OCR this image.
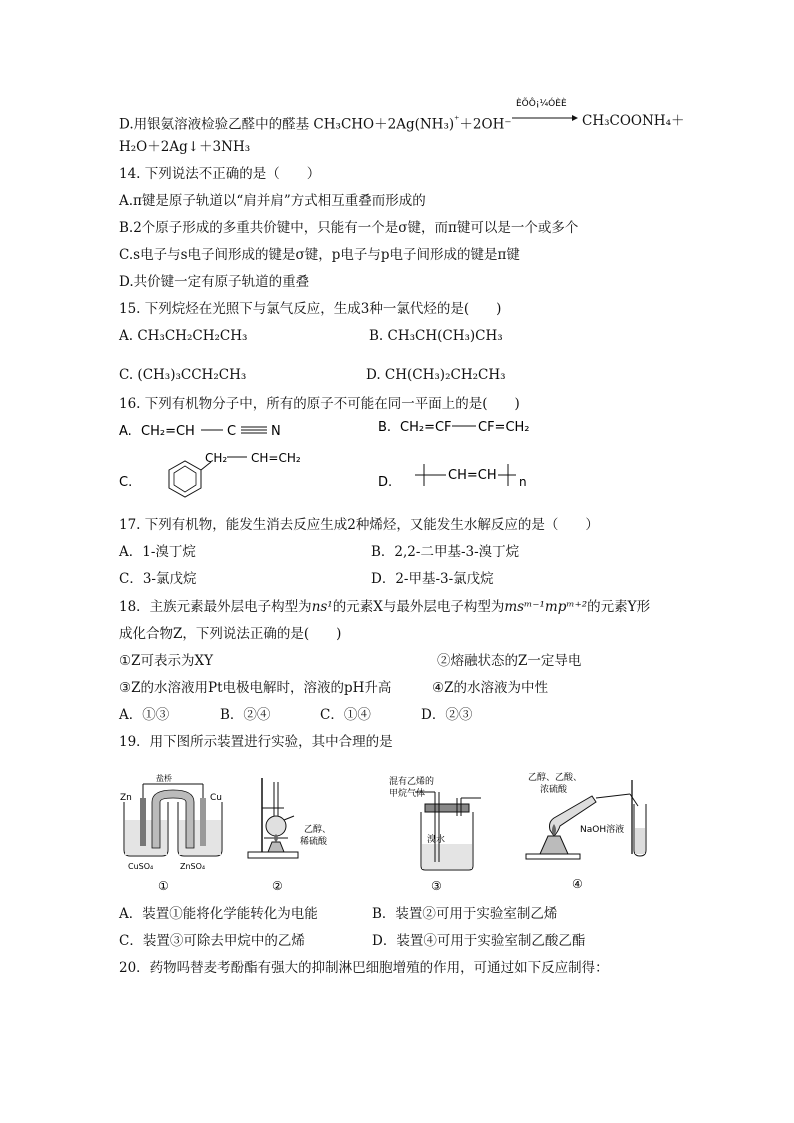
D.用银氨溶液检验乙醛中的醛基 CH₃CHO＋2Ag(NH₃)⁺＋2OH⁻
ÈÕÔ¡¼ÓÈÈ
CH₃COONH₄＋
H₂O＋2Ag↓＋3NH₃
14. 下列说法不正确的是（　　）
A.π键是原子轨道以“肩并肩”方式相互重叠而形成的
B.2个原子形成的多重共价键中，只能有一个是σ键，而π键可以是一个或多个
C.s电子与s电子间形成的键是σ键，p电子与p电子间形成的键是π键
D.共价键一定有原子轨道的重叠
15. 下列烷烃在光照下与氯气反应，生成3种一氯代烃的是(　　)
A. CH₃CH₂CH₂CH₃	B. CH₃CH(CH₃)CH₃
C. (CH₃)₃CCH₂CH₃	D. CH(CH₃)₂CH₂CH₃
16. 下列有机物分子中，所有的原子不可能在同一平面上的是(　　)
A. CH₂=CH C	N	B. CH₂=CF CF=CH₂
C.
CH₂ CH=CH₂
D.	CH=CH n
17. 下列有机物，能发生消去反应生成2种烯烃，又能发生水解反应的是（　　）
A．1-溴丁烷	B．2,2-二甲基-3-溴丁烷
C．3-氯戊烷	D．2-甲基-3-氯戊烷
18．主族元素最外层电子构型为ns¹的元素X与最外层电子构型为msᵐ⁻¹mpᵐ⁺²的元素Y形
成化合物Z，下列说法正确的是(　　)
①Z可表示为XY	②熔融状态的Z一定导电
③Z的水溶液用Pt电极电解时，溶液的pH升高	④Z的水溶液为中性
A．①③	B．②④	C．①④	D．②③
19．用下图所示装置进行实验，其中合理的是
盐桥
Zn	Cu
CuSO₄	ZnSO₄
①
乙醇、
稀硫酸
②
混有乙烯的
甲烷气体
溴水
③
乙醇、乙酸、
浓硫酸
NaOH溶液
④
A．装置①能将化学能转化为电能	B．装置②可用于实验室制乙烯
C．装置③可除去甲烷中的乙烯	D．装置④可用于实验室制乙酸乙酯
20．药物吗替麦考酚酯有强大的抑制淋巴细胞增殖的作用，可通过如下反应制得：
